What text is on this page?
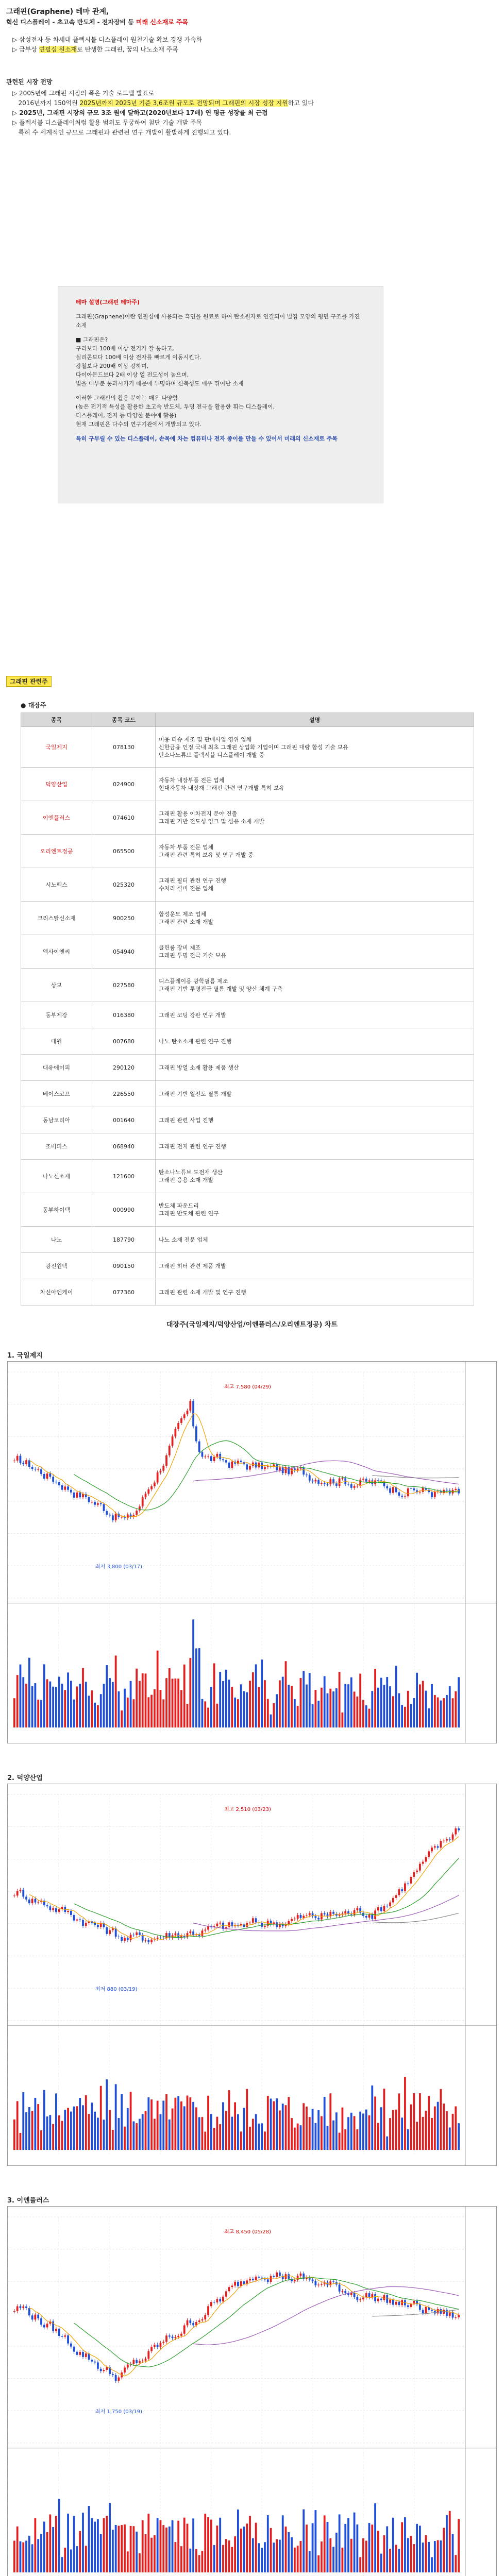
그래핀(Graphene) 테마 관계,
혁신 디스플레이 - 초고속 반도체 - 전자장비 등 미래 신소재로 주목
▷ 삼성전자 등 차세대 플렉시블 디스플레이 원천기술 확보 경쟁 가속화
▷ 급부상 연필심 원소재로 탄생한 그래핀, 꿈의 나노소재 주목
관련된 시장 전망
▷ 2005년에 그래핀 시장의 폭은 기술 로드맵 발표로
2016년까지 150억원 2025년까지 2025년 기준 3,6조원 규모로 전망되며 그래핀의 시장 성장 지원하고 있다
▷ 2025년, 그래핀 시장의 규모 3조 원에 달하고(2020년보다 17배) 연 평균 성장률 최 근접
▷ 플렉서블 디스플레이처럼 활용 범위도 무궁하여 첨단 기술 개발 주목
특허 수 세계적인 규모로 그래핀과 관련된 연구 개발이 활발하게 진행되고 있다.

테마 설명(그래핀 테마주)

그래핀(Graphene)이란 연필심에 사용되는 흑연을 원료로 하여 탄소원자로 연결되어 벌집 모양의 평면 구조를 가진 소재

■ 그래핀은?
구리보다 100배 이상 전기가 잘 통하고,
실리콘보다 100배 이상 전자를 빠르게 이동시킨다.
강철보다 200배 이상 강하며,
다이아몬드보다 2배 이상 열 전도성이 높으며,
빛을 대부분 통과시키기 때문에 투명하며 신축성도 매우 뛰어난 소재

이러한 그래핀의 활용 분야는 매우 다양함
(높은 전기적 특성을 활용한 초고속 반도체, 투명 전극을 활용한 휘는 디스플레이,
디스플레이, 전지 등 다양한 분야에 활용)
현재 그래핀은 다수의 연구기관에서 개발되고 있다.

특히 구부릴 수 있는 디스플레이, 손목에 차는 컴퓨터나 전자 종이를 만들 수 있어서 미래의 신소재로 주목

그래핀 관련주
● 대장주
종목	종목 코드	설명
국일제지	078130	미용 티슈 제조 및 판매사업 영위 업체
신한금융 인정 국내 최초 그래핀 상업화 기업이며 그래핀 대량 합성 기술 보유
탄소나노튜브 플렉서블 디스플레이 개발 중
덕양산업	024900	자동차 내장부품 전문 업체
현대자동차 내장재 그래핀 관련 연구개발 특허 보유
이엔플러스	074610	그래핀 활용 이차전지 분야 진출
그래핀 기반 전도성 잉크 및 섬유 소재 개발
오리엔트정공	065500	자동차 부품 전문 업체
그래핀 관련 특허 보유 및 연구 개발 중
시노펙스	025320	그래핀 필터 관련 연구 진행
수처리 설비 전문 업체
크리스탈신소재	900250	합성운모 제조 업체
그래핀 관련 소재 개발
엑사이엔씨	054940	클린룸 장비 제조
그래핀 투명 전극 기술 보유
상보	027580	디스플레이용 광학필름 제조
그래핀 기반 투명전극 필름 개발 및 양산 체계 구축
동부제강	016380	그래핀 코팅 강판 연구 개발
대원	007680	나노 탄소소재 관련 연구 진행
대유에이피	290120	그래핀 방열 소재 활용 제품 생산
베이스코프	226550	그래핀 기반 열전도 필름 개발
동남코리아	001640	그래핀 관련 사업 진행
조비퍼스	068940	그래핀 전지 관련 연구 진행
나노신소재	121600	탄소나노튜브 도전재 생산
그래핀 응용 소재 개발
동부하이텍	000990	반도체 파운드리
그래핀 반도체 관련 연구
나노	187790	나노 소재 전문 업체
광진윈텍	090150	그래핀 히터 관련 제품 개발
차신아엔케이	077360	그래핀 관련 소재 개발 및 연구 진행
대장주(국일제지/덕양산업/이엔플러스/오리엔트정공) 차트
1. 국일제지
최고 7,580 (04/29)
최저 3,800 (03/17)
2. 덕양산업
최고 2,510 (03/23)
최저 880 (03/19)
3. 이엔플러스
최고 8,450 (05/28)
최저 1,750 (03/19)
